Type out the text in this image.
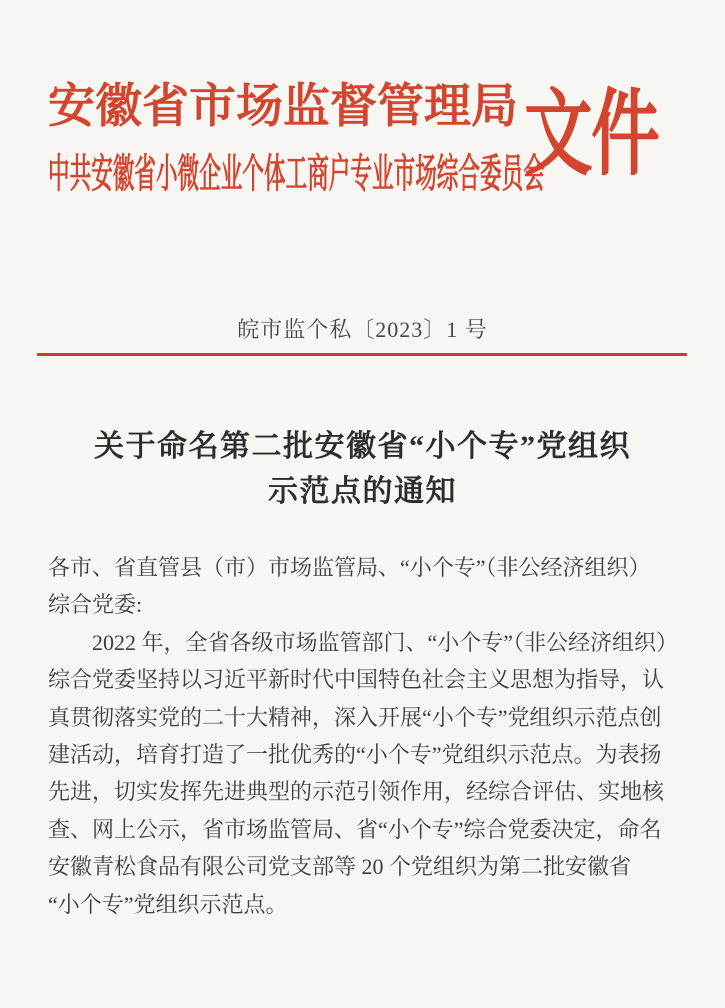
安徽省市场监督管理局
中共安徽省小微企业个体工商户专业市场综合委员会
文件
皖市监个私〔2023〕1 号
关于命名第二批安徽省“小个专”党组织
示范点的通知
各市、省直管县（市）市场监管局、“小个专”（非公经济组织）
综合党委:
　　2022 年，全省各级市场监管部门、“小个专”（非公经济组织）
综合党委坚持以习近平新时代中国特色社会主义思想为指导，认
真贯彻落实党的二十大精神，深入开展“小个专”党组织示范点创
建活动，培育打造了一批优秀的“小个专”党组织示范点。为表扬
先进，切实发挥先进典型的示范引领作用，经综合评估、实地核
查、网上公示，省市场监管局、省“小个专”综合党委决定，命名
安徽青松食品有限公司党支部等 20 个党组织为第二批安徽省
“小个专”党组织示范点。
